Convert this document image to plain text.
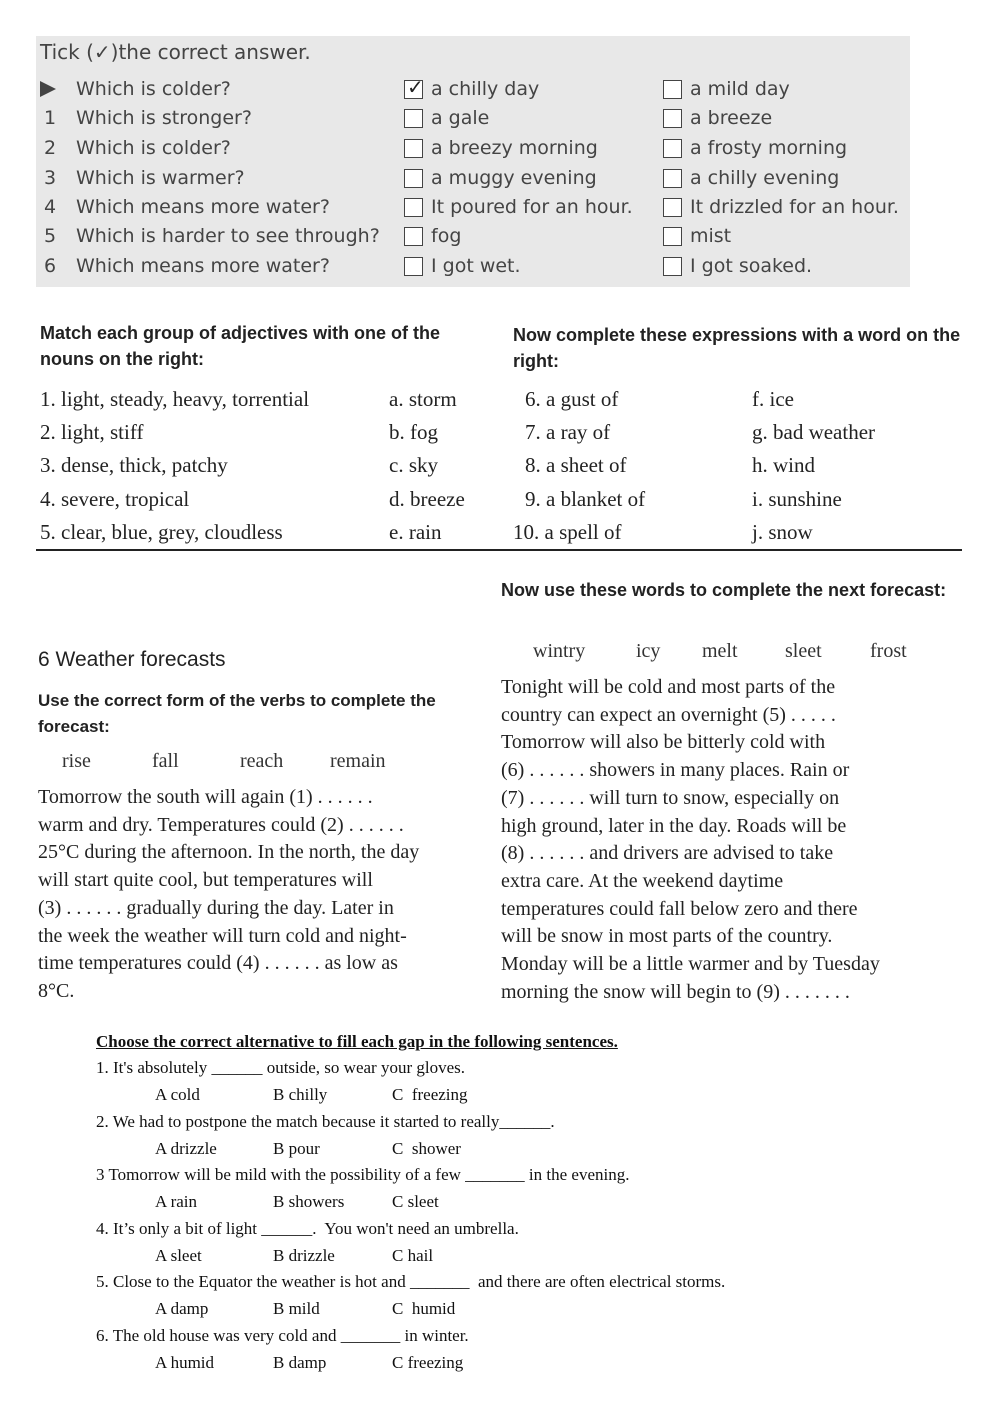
Tick (✓)the correct answer.
Which is colder?	✓ a chilly day	a mild day
1	Which is stronger?	a gale	a breeze
2	Which is colder?	a breezy morning	a frosty morning
3	Which is warmer?	a muggy evening	a chilly evening
4	Which means more water?	It poured for an hour.	It drizzled for an hour.
5	Which is harder to see through?	fog	mist
6	Which means more water?	I got wet.	I got soaked.
Match each group of adjectives with one of the nouns on the right:
Now complete these expressions with a word on the right:
1. light, steady, heavy, torrential	a. storm	6. a gust of	f. ice
2. light, stiff	b. fog	7. a ray of	g. bad weather
3. dense, thick, patchy	c. sky	8. a sheet of	h. wind
4. severe, tropical	d. breeze	9. a blanket of	i. sunshine
5. clear, blue, grey, cloudless	e. rain	10. a spell of	j. snow
Now use these words to complete the next forecast:
6 Weather forecasts
Use the correct form of the verbs to complete the forecast:
rise	fall	reach remain
wintry	icy melt sleet frost
Tomorrow the south will again (1) . . . . . .
warm and dry. Temperatures could (2) . . . . . .
25°C during the afternoon. In the north, the day
will start quite cool, but temperatures will
(3) . . . . . . gradually during the day. Later in
the week the weather will turn cold and night-
time temperatures could (4) . . . . . . as low as
8°C.
Tonight will be cold and most parts of the
country can expect an overnight (5) . . . . .
Tomorrow will also be bitterly cold with
(6) . . . . . . showers in many places. Rain or
(7) . . . . . . will turn to snow, especially on
high ground, later in the day. Roads will be
(8) . . . . . . and drivers are advised to take
extra care. At the weekend daytime
temperatures could fall below zero and there
will be snow in most parts of the country.
Monday will be a little warmer and by Tuesday
morning the snow will begin to (9) . . . . . . .
Choose the correct alternative to fill each gap in the following sentences.
1. It's absolutely ______ outside, so wear your gloves.
A cold	B chilly	C  freezing
2. We had to postpone the match because it started to really______.
A drizzle	B pour	C  shower
3 Tomorrow will be mild with the possibility of a few _______ in the evening.
A rain	B showers	C sleet
4. It’s only a bit of light ______.  You won't need an umbrella.
A sleet	B drizzle	C hail
5. Close to the Equator the weather is hot and _______  and there are often electrical storms.
A damp	B mild	C  humid
6. The old house was very cold and _______ in winter.
A humid	B damp	C freezing
